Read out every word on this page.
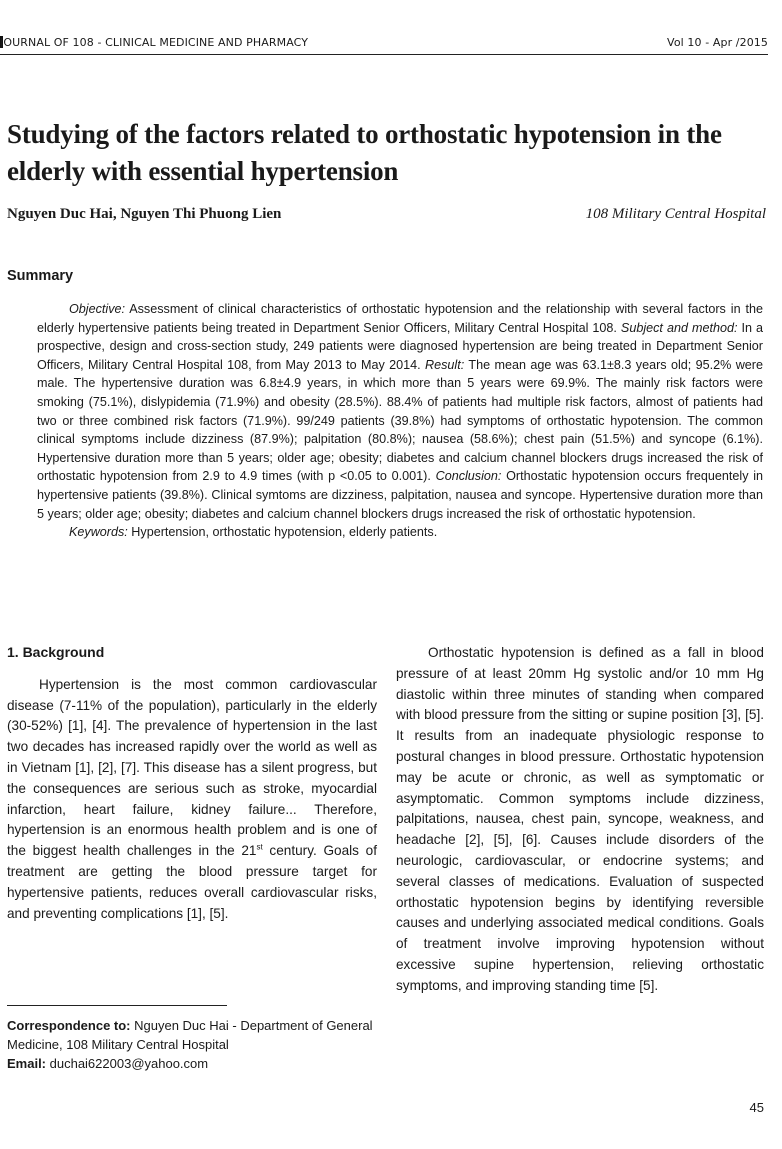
JOURNAL OF 108 - CLINICAL MEDICINE AND PHARMACY	Vol 10 - Apr /2015
Studying of the factors related to orthostatic hypotension in the elderly with essential hypertension
Nguyen Duc Hai, Nguyen Thi Phuong Lien	108 Military Central Hospital
Summary

Objective: Assessment of clinical characteristics of orthostatic hypotension and the relationship with several factors in the elderly hypertensive patients being treated in Department Senior Officers, Military Central Hospital 108. Subject and method: In a prospective, design and cross-section study, 249 patients were diagnosed hypertension are being treated in Department Senior Officers, Military Central Hospital 108, from May 2013 to May 2014. Result: The mean age was 63.1±8.3 years old; 95.2% were male. The hypertensive duration was 6.8±4.9 years, in which more than 5 years were 69.9%. The mainly risk factors were smoking (75.1%), dislypidemia (71.9%) and obesity (28.5%). 88.4% of patients had multiple risk factors, almost of patients had two or three combined risk factors (71.9%). 99/249 patients (39.8%) had symptoms of orthostatic hypotension. The common clinical symptoms include dizziness (87.9%); palpitation (80.8%); nausea (58.6%); chest pain (51.5%) and syncope (6.1%). Hypertensive duration more than 5 years; older age; obesity; diabetes and calcium channel blockers drugs increased the risk of orthostatic hypotension from 2.9 to 4.9 times (with p <0.05 to 0.001). Conclusion: Orthostatic hypotension occurs frequentely in hypertensive patients (39.8%). Clinical symtoms are dizziness, palpitation, nausea and syncope. Hypertensive duration more than 5 years; older age; obesity; diabetes and calcium channel blockers drugs increased the risk of orthostatic hypotension.

Keywords: Hypertension, orthostatic hypotension, elderly patients.

1. Background

Hypertension is the most common cardiovascular disease (7-11% of the population), particularly in the elderly (30-52%) [1], [4]. The prevalence of hypertension in the last two decades has increased rapidly over the world as well as in Vietnam [1], [2], [7]. This disease has a silent progress, but the consequences are serious such as stroke, myocardial infarction, heart failure, kidney failure... Therefore, hypertension is an enormous health problem and is one of the biggest health challenges in the 21st century. Goals of treatment are getting the blood pressure target for hypertensive patients, reduces overall cardiovascular risks, and preventing complications [1], [5].

Orthostatic hypotension is defined as a fall in blood pressure of at least 20mm Hg systolic and/or 10 mm Hg diastolic within three minutes of standing when compared with blood pressure from the sitting or supine position [3], [5]. It results from an inadequate physiologic response to postural changes in blood pressure. Orthostatic hypotension may be acute or chronic, as well as symptomatic or asymptomatic. Common symptoms include dizziness, palpitations, nausea, chest pain, syncope, weakness, and headache [2], [5], [6]. Causes include disorders of the neurologic, cardiovascular, or endocrine systems; and several classes of medications. Evaluation of suspected orthostatic hypotension begins by identifying reversible causes and underlying associated medical conditions. Goals of treatment involve improving hypotension without excessive supine hypertension, relieving orthostatic symptoms, and improving standing time [5].

Correspondence to: Nguyen Duc Hai - Department of General Medicine, 108 Military Central Hospital
Email: duchai622003@yahoo.com
45
